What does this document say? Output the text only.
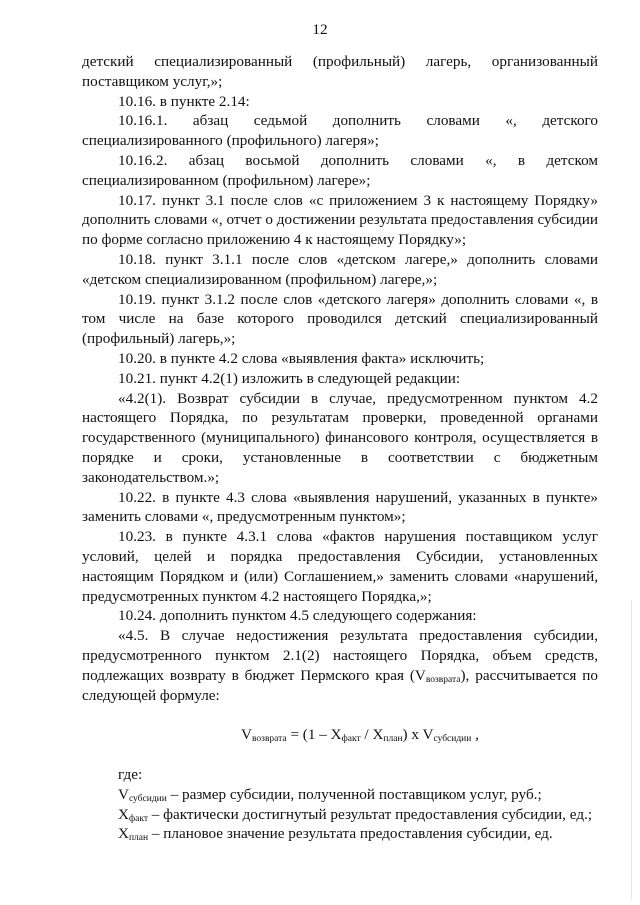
12

детский специализированный (профильный) лагерь, организованный поставщиком услуг,»;

10.16. в пункте 2.14:

10.16.1. абзац седьмой дополнить словами «, детского специализированного (профильного) лагеря»;

10.16.2. абзац восьмой дополнить словами «, в детском специализированном (профильном) лагере»;

10.17. пункт 3.1 после слов «с приложением 3 к настоящему Порядку» дополнить словами «, отчет о достижении результата предоставления субсидии по форме согласно приложению 4 к настоящему Порядку»;

10.18. пункт 3.1.1 после слов «детском лагере,» дополнить словами «детском специализированном (профильном) лагере,»;

10.19. пункт 3.1.2 после слов «детского лагеря» дополнить словами «, в том числе на базе которого проводился детский специализированный (профильный) лагерь,»;

10.20. в пункте 4.2 слова «выявления факта» исключить;

10.21. пункт 4.2(1) изложить в следующей редакции:

«4.2(1). Возврат субсидии в случае, предусмотренном пунктом 4.2 настоящего Порядка, по результатам проверки, проведенной органами государственного (муниципального) финансового контроля, осуществляется в порядке и сроки, установленные в соответствии с бюджетным законодательством.»;

10.22. в пункте 4.3 слова «выявления нарушений, указанных в пункте» заменить словами «, предусмотренным пунктом»;

10.23. в пункте 4.3.1 слова «фактов нарушения поставщиком услуг условий, целей и порядка предоставления Субсидии, установленных настоящим Порядком и (или) Соглашением,» заменить словами «нарушений, предусмотренных пунктом 4.2 настоящего Порядка,»;

10.24. дополнить пунктом 4.5 следующего содержания:

«4.5. В случае недостижения результата предоставления субсидии, предусмотренного пунктом 2.1(2) настоящего Порядка, объем средств, подлежащих возврату в бюджет Пермского края $(V_{возврата})$, рассчитывается по следующей формуле:

$V_{возврата} = (1 - X_{факт} / X_{план})$ x $V_{субсидии}$ ,

где:

$V_{субсидии}$ – размер субсидии, полученной поставщиком услуг, руб.;

$X_{факт}$ – фактически достигнутый результат предоставления субсидии, ед.;

$X_{план}$ – плановое значение результата предоставления субсидии, ед.
